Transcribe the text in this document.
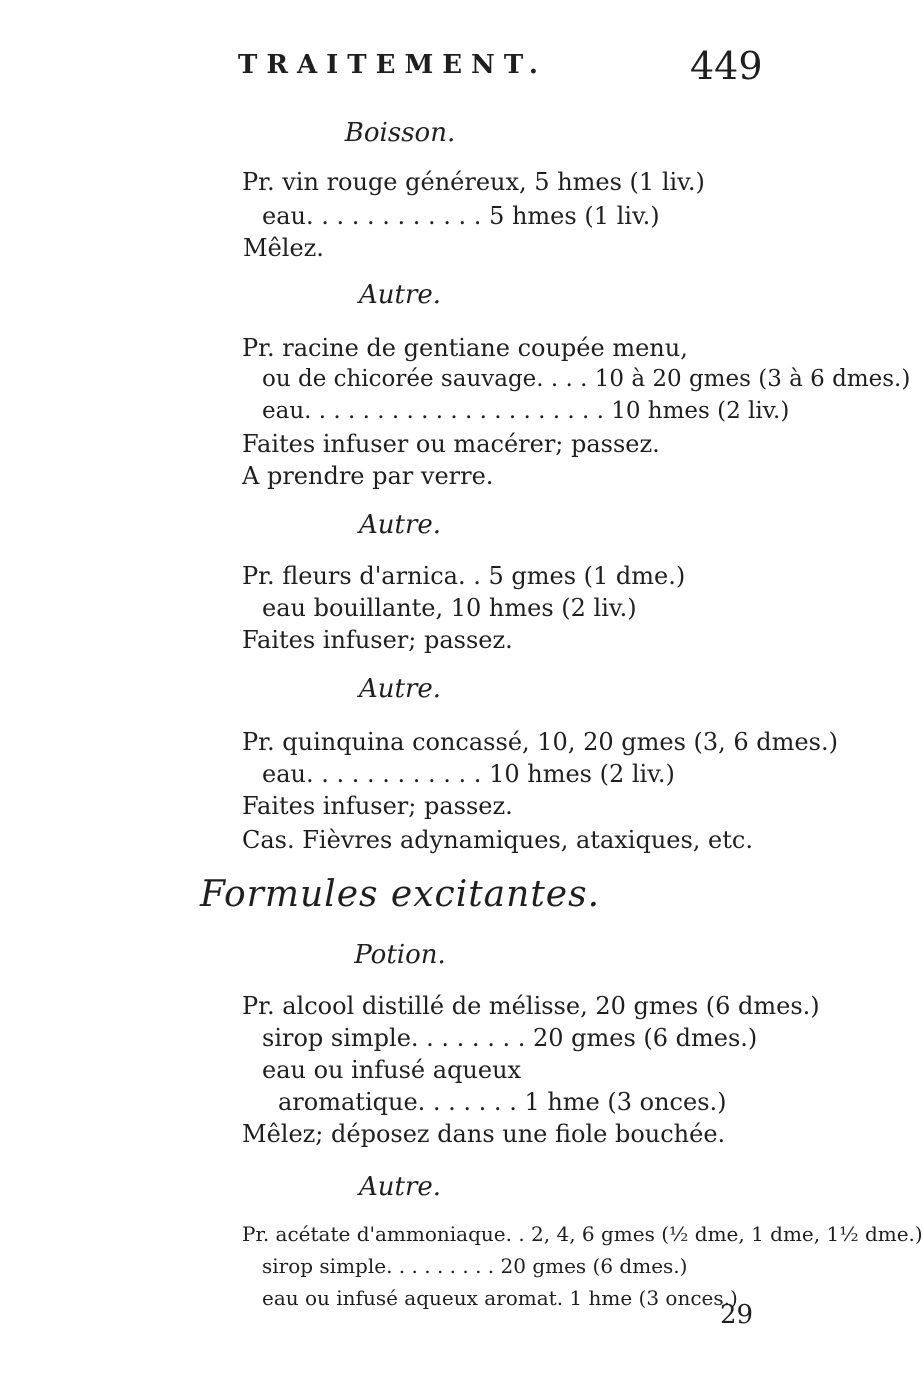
TRAITEMENT.	449
Boisson.
Pr. vin rouge généreux, 5 hmes (1 liv.)
eau. . . . . . . . . . . . 5 hmes (1 liv.)
Mêlez.
Autre.
Pr. racine de gentiane coupée menu,
ou de chicorée sauvage. . . . 10 à 20 gmes (3 à 6 dmes.)
eau. . . . . . . . . . . . . . . . . . . . . 10 hmes (2 liv.)
Faites infuser ou macérer; passez.
A prendre par verre.
Autre.
Pr. fleurs d'arnica. . 5 gmes (1 dme.)
eau bouillante, 10 hmes (2 liv.)
Faites infuser; passez.
Autre.
Pr. quinquina concassé, 10, 20 gmes (3, 6 dmes.)
eau. . . . . . . . . . . . 10 hmes (2 liv.)
Faites infuser; passez.
Cas. Fièvres adynamiques, ataxiques, etc.
Formules excitantes.
Potion.
Pr. alcool distillé de mélisse, 20 gmes (6 dmes.)
sirop simple. . . . . . . . 20 gmes (6 dmes.)
eau ou infusé aqueux
aromatique. . . . . . . 1 hme (3 onces.)
Mêlez; déposez dans une fiole bouchée.
Autre.
Pr. acétate d'ammoniaque. . 2, 4, 6 gmes (½ dme, 1 dme, 1½ dme.)
sirop simple. . . . . . . . . 20 gmes (6 dmes.)
eau ou infusé aqueux aromat. 1 hme (3 onces.)
29
